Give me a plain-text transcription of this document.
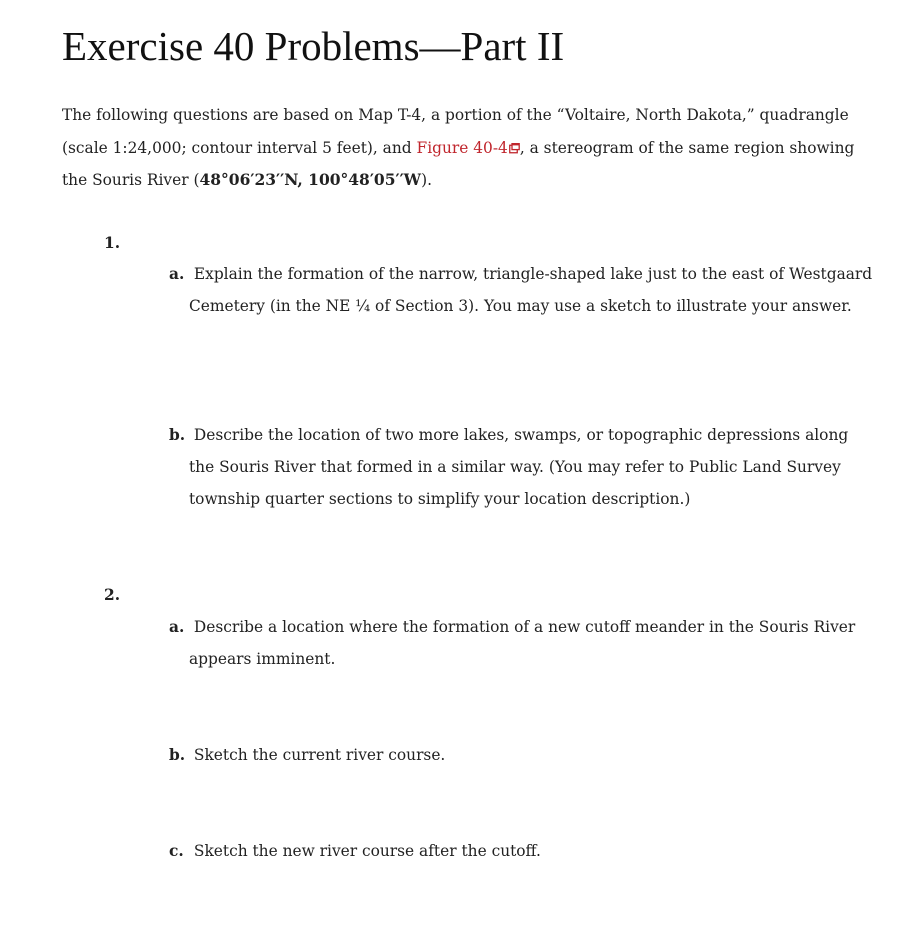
Exercise 40 Problems—Part II

The following questions are based on Map T-4, a portion of the “Voltaire, North Dakota,” quadrangle (scale 1:24,000; contour interval 5 feet), and Figure 40-4 , a stereogram of the same region showing the Souris River (48°06′23′′N, 100°48′05′′W).

1.

a. Explain the formation of the narrow, triangle-shaped lake just to the east of Westgaard Cemetery (in the NE ¼ of Section 3). You may use a sketch to illustrate your answer.

b. Describe the location of two more lakes, swamps, or topographic depressions along the Souris River that formed in a similar way. (You may refer to Public Land Survey township quarter sections to simplify your location description.)

2.

a. Describe a location where the formation of a new cutoff meander in the Souris River appears imminent.

b. Sketch the current river course.

c. Sketch the new river course after the cutoff.
